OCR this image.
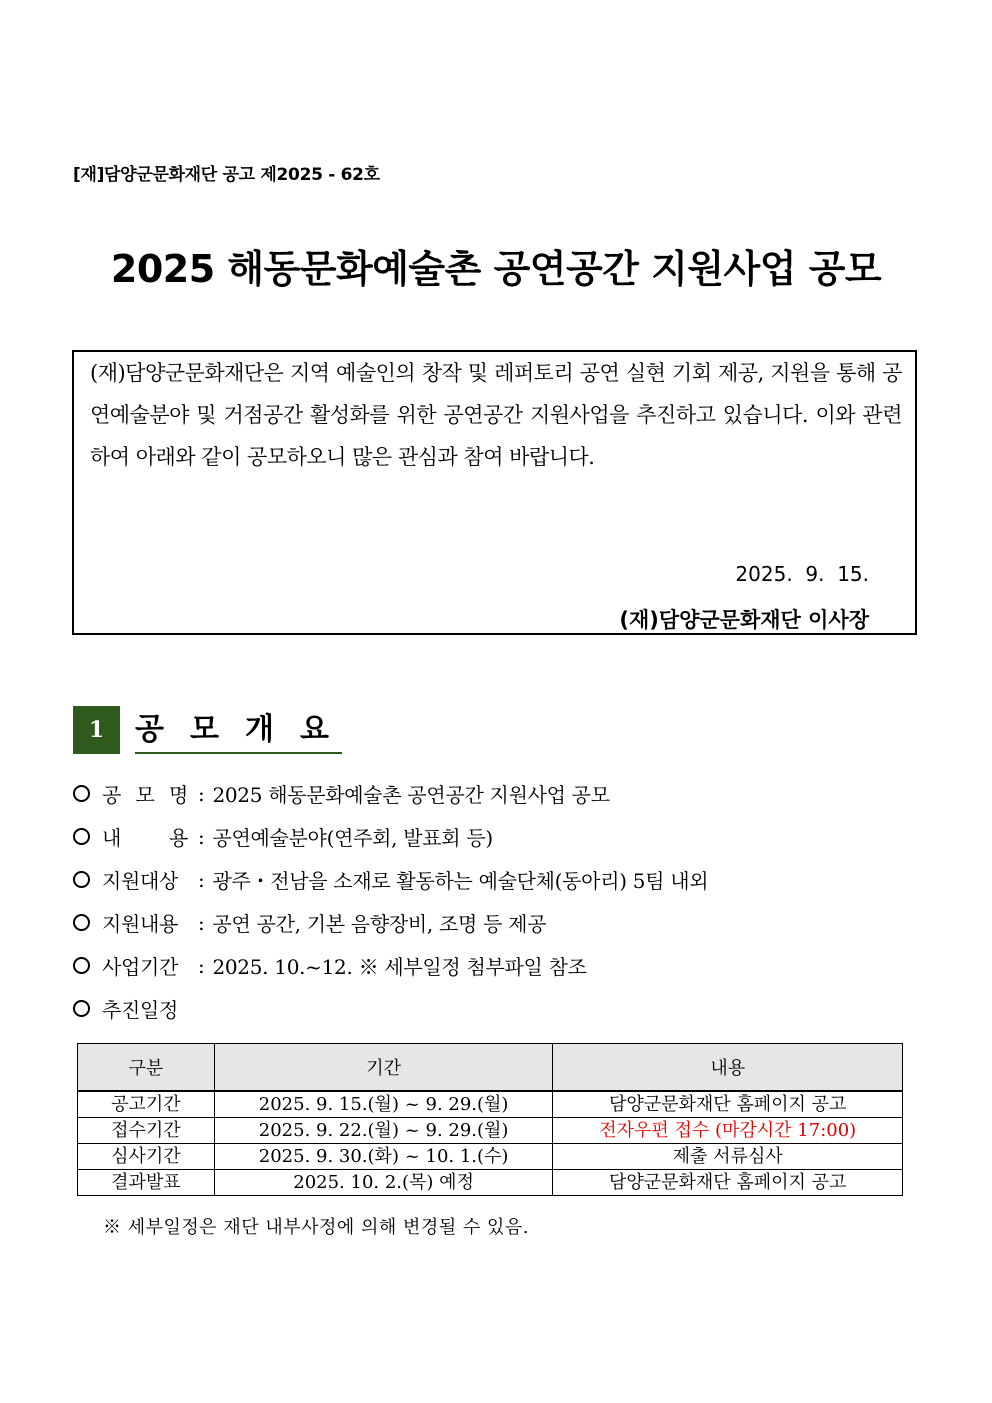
[재]담양군문화재단 공고 제2025 - 62호
2025 해동문화예술촌 공연공간 지원사업 공모
(재)담양군문화재단은 지역 예술인의 창작 및 레퍼토리 공연 실현 기회 제공, 지원을 통해 공연예술분야 및 거점공간 활성화를 위한 공연공간 지원사업을 추진하고 있습니다. 이와 관련하여 아래와 같이 공모하오니 많은 관심과 참여 바랍니다.
2025.  9.  15.
(재)담양군문화재단 이사장
1	공모개요
공 모 명 : 2025 해동문화예술촌 공연공간 지원사업 공모
내 용 : 공연예술분야(연주회, 발표회 등)
지원대상 : 광주・전남을 소재로 활동하는 예술단체(동아리) 5팀 내외
지원내용 : 공연 공간, 기본 음향장비, 조명 등 제공
사업기간 : 2025. 10.~12. ※ 세부일정 첨부파일 참조
추진일정
구분	기간	내용
공고기간	2025. 9. 15.(월) ~ 9. 29.(월)	담양군문화재단 홈페이지 공고
접수기간	2025. 9. 22.(월) ~ 9. 29.(월)	전자우편 접수 (마감시간 17:00)
심사기간	2025. 9. 30.(화) ~ 10. 1.(수)	제출 서류심사
결과발표	2025. 10. 2.(목) 예정	담양군문화재단 홈페이지 공고
※ 세부일정은 재단 내부사정에 의해 변경될 수 있음.
